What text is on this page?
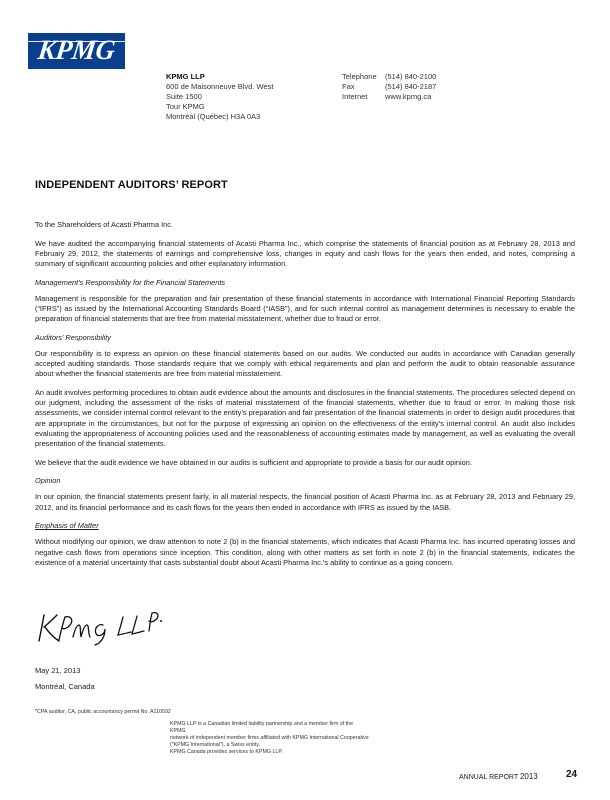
KPMG
KPMG LLP
600 de Maisonneuve Blvd. West
Suite 1500
Tour KPMG
Montréal (Québec) H3A 0A3
Telephone	(514) 840-2100
Fax	(514) 840-2187
Internet	www.kpmg.ca
INDEPENDENT AUDITORS’ REPORT

To the Shareholders of Acasti Pharma Inc.

We have audited the accompanying financial statements of Acasti Pharma Inc., which comprise the statements of financial position as at February 28, 2013 and February 29, 2012, the statements of earnings and comprehensive loss, changes in equity and cash flows for the years then ended, and notes, comprising a summary of significant accounting policies and other explanatory information.

Management’s Responsibility for the Financial Statements

Management is responsible for the preparation and fair presentation of these financial statements in accordance with International Financial Reporting Standards (“IFRS”) as issued by the International Accounting Standards Board (“IASB”), and for such internal control as management determines is necessary to enable the preparation of financial statements that are free from material misstatement, whether due to fraud or error.

Auditors’ Responsibility

Our responsibility is to express an opinion on these financial statements based on our audits. We conducted our audits in accordance with Canadian generally accepted auditing standards. Those standards require that we comply with ethical requirements and plan and perform the audit to obtain reasonable assurance about whether the financial statements are free from material misstatement.

An audit involves performing procedures to obtain audit evidence about the amounts and disclosures in the financial statements. The procedures selected depend on our judgment, including the assessment of the risks of material misstatement of the financial statements, whether due to fraud or error. In making those risk assessments, we consider internal control relevant to the entity’s preparation and fair presentation of the financial statements in order to design audit procedures that are appropriate in the circumstances, but not for the purpose of expressing an opinion on the effectiveness of the entity’s internal control. An audit also includes evaluating the appropriateness of accounting policies used and the reasonableness of accounting estimates made by management, as well as evaluating the overall presentation of the financial statements.

We believe that the audit evidence we have obtained in our audits is sufficient and appropriate to provide a basis for our audit opinion.

Opinion

In our opinion, the financial statements present fairly, in all material respects, the financial position of Acasti Pharma Inc. as at February 28, 2013 and February 29, 2012, and its financial performance and its cash flows for the years then ended in accordance with IFRS as issued by the IASB.

Emphasis of Matter

Without modifying our opinion, we draw attention to note 2 (b) in the financial statements, which indicates that Acasti Pharma Inc. has incurred operating losses and negative cash flows from operations since inception. This condition, along with other matters as set forth in note 2 (b) in the financial statements, indicates the existence of a material uncertainty that casts substantial doubt about Acasti Pharma Inc.'s ability to continue as a going concern.

May 21, 2013
Montréal, Canada
*CPA auditor, CA, public accountancy permit No. A110592
KPMG LLP is a Canadian limited liability partnership and a member firm of the KPMG
network of independent member firms affiliated with KPMG International Cooperative
("KPMG International"), a Swiss entity.
KPMG Canada provides services to KPMG LLP.
ANNUAL REPORT 2013	24
